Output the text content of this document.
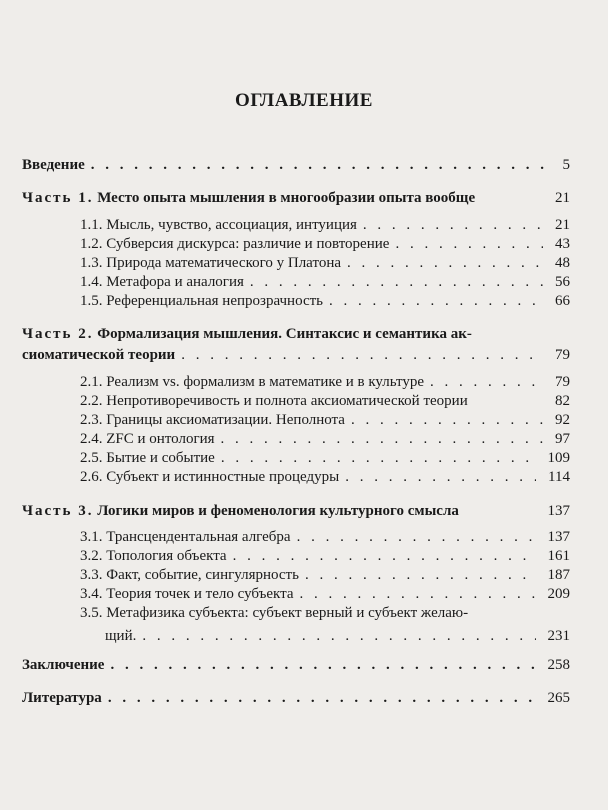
ОГЛАВЛЕНИЕ
Введение . . .	5
Часть 1. Место опыта мышления в многообразии опыта вообще	21
1.1. Мысль, чувство, ассоциация, интуиция . . .	21
1.2. Субверсия дискурса: различие и повторение . . .	43
1.3. Природа математического у Платона . . .	48
1.4. Метафора и аналогия . . .	56
1.5. Референциальная непрозрачность . . .	66
Часть 2. Формализация мышления. Синтаксис и семантика ак-
сиоматической теории . . .	79
2.1. Реализм vs. формализм в математике и в культуре . . .	79
2.2. Непротиворечивость и полнота аксиоматической теории	82
2.3. Границы аксиоматизации. Неполнота . . .	92
2.4. ZFC и онтология . . .	97
2.5. Бытие и событие . . .	109
2.6. Субъект и истинностные процедуры . . .	114
Часть 3. Логики миров и феноменология культурного смысла	137
3.1. Трансцендентальная алгебра . . .	137
3.2. Топология объекта . . .	161
3.3. Факт, событие, сингулярность . . .	187
3.4. Теория точек и тело субъекта . . .	209
3.5. Метафизика субъекта: субъект верный и субъект желаю-
щий. . . .	231
Заключение . . .	258
Литература . . .	265
